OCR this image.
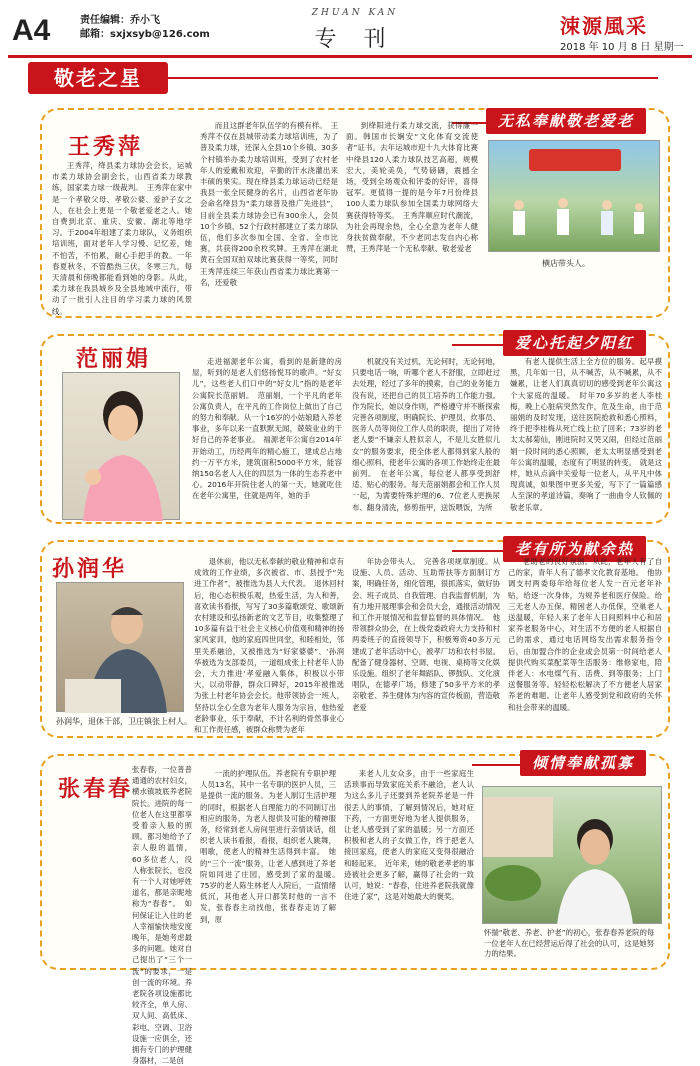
A4	责任编辑：乔小飞
邮箱：sxjxsyb@126.com
ZHUAN KAN
专 刊
涑源風采
2018 年 10 月 8 日 星期一
敬老之星
无私奉献敬老爱老
王秀萍

王秀萍，绛县柔力球协会会长，运城市柔力球协会副会长，山西省柔力球教练，国家柔力球一级裁判。　王秀萍在家中是一个孝敬父母、孝敬公婆、爱护子女之人，在社会上更是一个敬老爱老之人。她自费到北京、重庆、安徽、湖北等地学习。于2004年组建了柔力球队，义务组织培训班，面对老年人学习慢、记忆差，她不怕苦，不怕累，耐心手把手的教。一年春夏秋冬，不管酷热三伏，冬寒三九，每天清晨和傍晚都能看到她的身影。从此，柔力球在我县城乡及全县地域中流行，带动了一批引人注目的学习柔力球的风景线。

而且这群老年队伍学的有模有样。　王秀萍不仅在县城带动柔力球培训班，为了普及柔力球，还深入全县10个乡镇、30多个村镇举办柔力球培训班，受到了农村老年人的爱戴和欢迎，辛勤的汗水浇灌出来丰硕的果实。现在绛县柔力球运动已经是我县一张全民健身的名片，山西省老年协会命名绛县为“柔力球普及推广先进县”，目前全县柔力球协会已有300余人，会员10个乡镇、52个行政村都建立了柔力球队伍，他们多次参加全国、全省、全市比赛，共获得200余枚奖牌。王秀萍在湖北黄石全国双拍双球比赛获得一等奖，同时王秀萍连续三年获山西省柔力球比赛第一名，还爱敬

到绛阳进行柔力球交流，获得廉一面。韩国市长娴安“文化体育交流使者”证书。去年运城市迎十九大体育比赛中绛县120人柔力球队技艺高超，规模宏大，美轮美奂，气势磅礴，震撼全场，受到全场观众和评委的好评，喜得冠军。更值得一提的是今年7月份绛县100人柔力球队参加全国柔力球网络大赛获得特等奖。　王秀萍顺应时代潮流，为社会再现余热，全心全意为老年人健身扶贫做奉献，不少老同志发自内心称赞，王秀萍是一个无私奉献、敬老爱老

横店带头人。
爱心托起夕阳红
范丽娟	走进福源老年公寓，看到的是新建的房屋，听到的是老人们悠扬悦耳的歌声。“好女儿”，这些老人们口中的“好女儿”指的是老年公寓院长范丽娟。　范丽娟，一个平凡的老年公寓负责人，在平凡的工作岗位上做出了自己的努力和奉献。从一个16岁的小姑娘踏入养老事业，多年以来一直默默无闻，兢兢业业的干好自己的养老事业。　福源老年公寓自2014年开始动工，历经两年的精心施工，建成总占地约一万平方米，建筑面积5000平方米，能容纳150名老人入住的四层为一体的生态养老中心。2016年开院住老人的第一天，她就吃住在老年公寓里，住就是两年，她的手

机就没有关过机，无论何时，无论何地，只要电话一响，听哪个老人不舒服，立即赶过去处理，经过了多年的摸索，自己的业务能力没有说，还把自己的员工培养的工作能力强。作为院长，她以身作则，严格遵守并不断探索完善各项制度，明确院长、护理员、炊事员、医务人员等岗位工作人员的职责，提出了对待老人要“不嫌亲人胜似亲人，不是儿女胜似儿女”的服务要求，使全体老人都得到家人般的细心照料，使老年公寓的各项工作始终走在最前列。　在老年公寓，每位老人都享受到舒适、贴心的服务。每天范丽娟都会和工作人员一起，为需要特殊护理的6、7位老人更换尿布、翻身清洗，修剪指甲，送饭喂饭，为所

有老人提供生活上全方位的服务。起早摸黑，几年如一日，从不喊苦，从不喊累，从不嫌累，让老人们真真切切的感受到老年公寓这个大家庭的温暖。　时年70多岁的老人李桂梅，晚上心脏病突然发作，危及生命，由于范丽娟的及时发现，送往医院抢救和悉心照料，终于把李桂梅从死亡线上拉了回来；73岁的老太太郝菊仙，刚进院时又哭又闹，但经过范丽娟一段时间的悉心照顾，老太太明显感受到老年公寓的温暖，态度有了明显的转变。　就是这样，她从点滴中关爱每一位老人，从平凡中体现真诚，如果图中更多关爱，写下了一篇篇感人至深的孝道诗篇，奏响了一曲曲令人钦佩的敬老乐章。

老有所为献余热
孙润华
孙润华，退休干部，卫庄镇张上村人。

退休前，他以无私奉献的敬业精神和卓有成效的工作业绩，多次被省、市、县授予“先进工作者”，被推选为县人大代表。　退休回村后，他心态积极乐观，热爱生活，为人和善，喜欢读书看报，写写了30多篇歌颂党、歌颂新农村建设和弘扬新老的文艺节目，收集整理了10多篇有益于社会主义核心价值观和精神的扬家风家训，他的家庭四世同堂，和睦相处，邻里关系融洽，又被推选为“好家婆婆”、‘孙润华被选为支部委员，一道组成张上村老年人协会，大力推进‘孝爱融入集体，积极以小带大，以动带静，群众口碑好，2015年被推选为张上村老年协会会长。他带领协会一班人，坚持以全心全意为老年人服务为宗旨，他热爱老龄事业，乐于奉献，不计名利的骨然事业心和工作责任感，被群众称赞为老年

年协会带头人。　完善各项规章制度。从设施、人员、活动、互助帮扶等方面制订方案，明确任务，细化管理，很抓落实，做好协会、班子成员、自我管理、自我监督机制，为有力地开展理事会和会员大会，通报活动情况和工作开展情况和监督监督的具体情况。　他带领群众协会，在上级党委政府大力支持和村两委班子的直接领导下，积极筹资40多万元建成了老年活动中心，被孝厂坊和农村书屋。配备了健身器材、空调、电视、桌椅等文化娱乐设施。组织了老年舞蹈队、锣鼓队、文化演唱队，在德孝广场，修建了50多平方米的孝亲敬老、养生健体为内容的宣传板面，营造敬老爱

老助老的良好氛围。从此，老年人有了自己的家，青年人有了德孝文化教育基地。　他协调支村两委每年给每位老人发一百元老年补贴，给逐一次身体，为规养老和医疗保险。给三无老人办五保、精困老人办低保，空巢老人送温暖，年轻人来了老年人日间照料中心和居家养老服务中心，对生活不方便的老人根据自己的需求，通过电话网络发出需求服务指令后，由加盟合作的企业或会员第一时间给老人提供代购买菜配菜等生活服务：维修家电，陪伴老人：水电煤气有、活费、到等服务；上门送餐服务等。轻轻松松解决了不方便老人居家养老的难题。让老年人感受到党和政府的关怀和社会带来的温暖。

倾情奉献孤寡
张春春

张春春，一位普普通通的农村妇女，横水镇坡底养老院院长。进院的每一位老人在这里都享受着亲人般的照顾。都习她给予了亲人般的温情，60多位老人，没人称张院长，也没有一个人对她呼姓道名，都是亲昵地称为“春春”。　如何保证让入住的老人幸福愉快地安度晚年，是她考虑最多的问题。她对自己提出了“三个一流”的要求，一是创一流的环境。养老院各项设施都比较齐全，单人房、双人间、高低床、彩电、空调、卫浴设施一应俱全，还拥有专门的护理健身器材，二是创

一流的护理队伍。养老院有专职护理人员13名，其中一名专职的医护人员，三是提供一流的服务。为老人制订生活护理的同时，根据老人自理能力的不同制订出相应的服务，为老人提供及可能的精神服务，经常到老人房间里进行亲情谈话，组织老人读书看报，看报，组织老人跳舞，唱歌，使老人的精神生活得到丰富。　她的“三个一流”服务，让老人感到进了养老院如同进了庄园，感受到了家的温暖。　75岁的老人陈生林老人入院后，一直情绪低沉，其他老人开口都笑时他的一言不发，张春春主动找他，张春春走访了解到，原

来老人儿女众多，由于一些家庭生活琐事而导致家庭关系不融洽，老人认为这么多儿子还要到养老院养老是一件很丢人的事情，了解到情况后，她对症下药，一方面更好地为老人提供服务，让老人感受到了家的温暖；另一方面还积极和老人的子女做工作，终于把老人接回家庭，使老人的家庭又变得很融洽和睦起来。　近年来，她的敬老孝老的事迹被社会更多了解，赢得了社会的一致认可，她说：“春春，住进养老院我就像住进了家”，这是对她最大的褒奖。

怀揣“敬老、养老、护老”的初心，张春春养老院的每一位老年人在已经营运后得了社会的认可，这是她努力的结果。
